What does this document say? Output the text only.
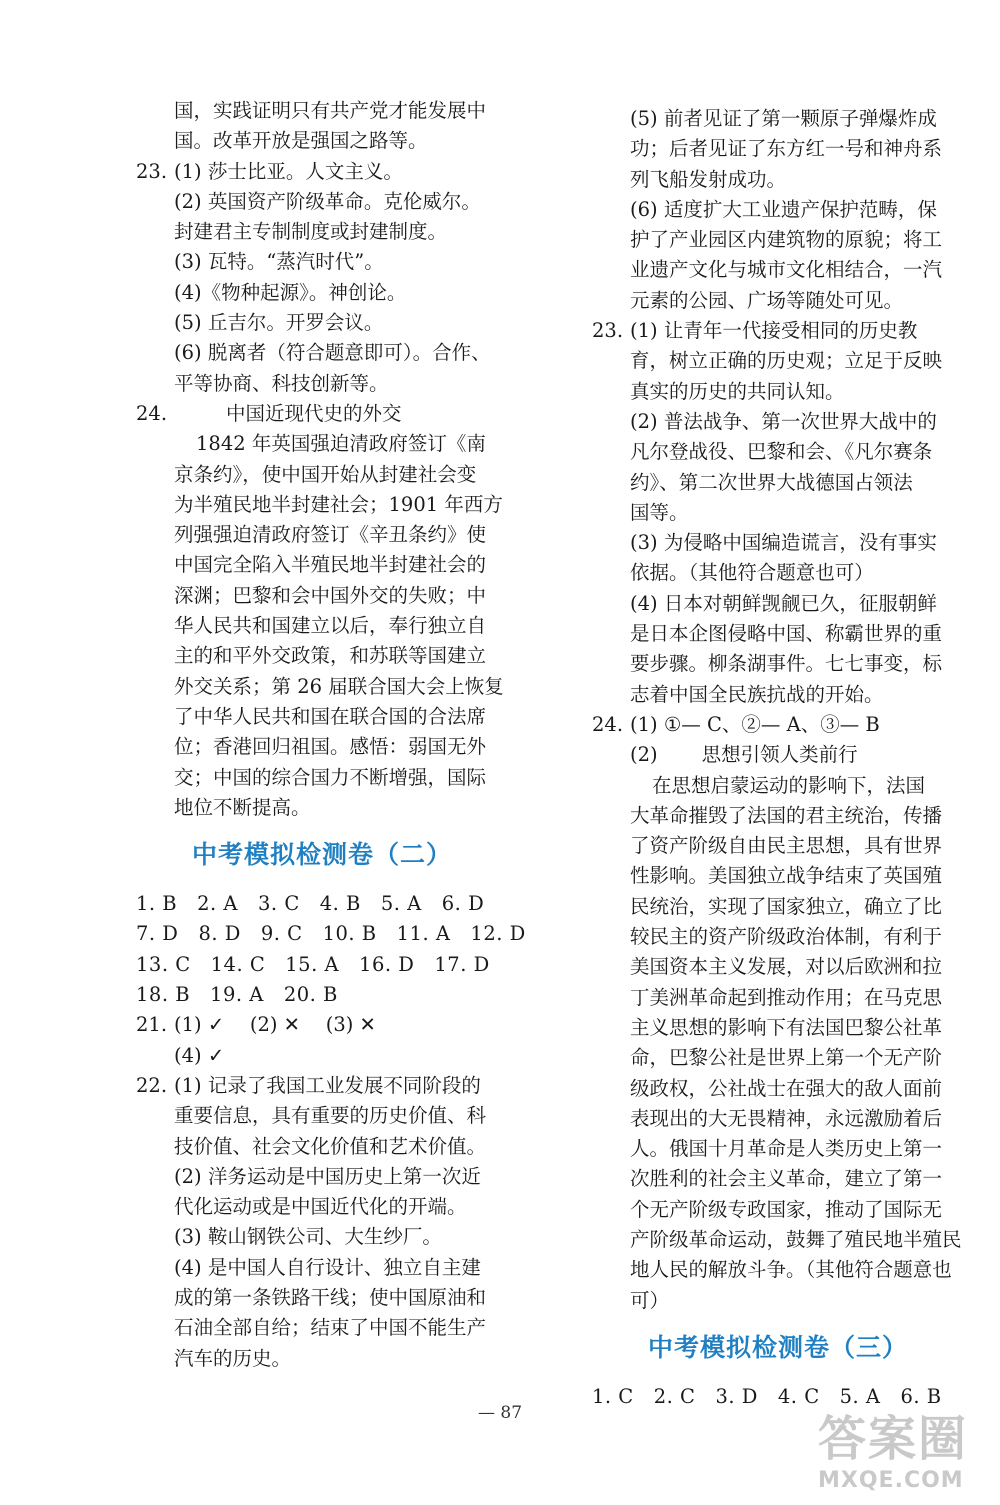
国，实践证明只有共产党才能发展中
国。改革开放是强国之路等。
23. (1) 莎士比亚。人文主义。
(2) 英国资产阶级革命。克伦威尔。
封建君主专制制度或封建制度。
(3) 瓦特。“蒸汽时代”。
(4)《物种起源》。神创论。
(5) 丘吉尔。开罗会议。
(6) 脱离者（符合题意即可）。合作、
平等协商、科技创新等。
24.	中国近现代史的外交
1842 年英国强迫清政府签订《南
京条约》，使中国开始从封建社会变
为半殖民地半封建社会；1901 年西方
列强强迫清政府签订《辛丑条约》使
中国完全陷入半殖民地半封建社会的
深渊；巴黎和会中国外交的失败；中
华人民共和国建立以后，奉行独立自
主的和平外交政策，和苏联等国建立
外交关系；第 26 届联合国大会上恢复
了中华人民共和国在联合国的合法席
位；香港回归祖国。感悟：弱国无外
交；中国的综合国力不断增强，国际
地位不断提高。
中考模拟检测卷（二）
1. B　2. A　3. C　4. B　5. A　6. D
7. D　8. D　9. C　10. B　11. A　12. D
13. C　14. C　15. A　16. D　17. D
18. B　19. A　20. B
21. (1) ✓　 (2) ✕　 (3) ✕
(4) ✓
22. (1) 记录了我国工业发展不同阶段的
重要信息，具有重要的历史价值、科
技价值、社会文化价值和艺术价值。
(2) 洋务运动是中国历史上第一次近
代化运动或是中国近代化的开端。
(3) 鞍山钢铁公司、大生纱厂。
(4) 是中国人自行设计、独立自主建
成的第一条铁路干线；使中国原油和
石油全部自给；结束了中国不能生产
汽车的历史。
(5) 前者见证了第一颗原子弹爆炸成
功；后者见证了东方红一号和神舟系
列飞船发射成功。
(6) 适度扩大工业遗产保护范畴，保
护了产业园区内建筑物的原貌；将工
业遗产文化与城市文化相结合，一汽
元素的公园、广场等随处可见。
23. (1) 让青年一代接受相同的历史教
育，树立正确的历史观；立足于反映
真实的历史的共同认知。
(2) 普法战争、第一次世界大战中的
凡尔登战役、巴黎和会、《凡尔赛条
约》、第二次世界大战德国占领法
国等。
(3) 为侵略中国编造谎言，没有事实
依据。（其他符合题意也可）
(4) 日本对朝鲜觊觎已久，征服朝鲜
是日本企图侵略中国、称霸世界的重
要步骤。柳条湖事件。七七事变，标
志着中国全民族抗战的开始。
24. (1) ①— C、②— A、③— B
(2) 思想引领人类前行
在思想启蒙运动的影响下，法国
大革命摧毁了法国的君主统治，传播
了资产阶级自由民主思想，具有世界
性影响。美国独立战争结束了英国殖
民统治，实现了国家独立，确立了比
较民主的资产阶级政治体制，有利于
美国资本主义发展，对以后欧洲和拉
丁美洲革命起到推动作用；在马克思
主义思想的影响下有法国巴黎公社革
命，巴黎公社是世界上第一个无产阶
级政权，公社战士在强大的敌人面前
表现出的大无畏精神，永远激励着后
人。俄国十月革命是人类历史上第一
次胜利的社会主义革命，建立了第一
个无产阶级专政国家，推动了国际无
产阶级革命运动，鼓舞了殖民地半殖民
地人民的解放斗争。（其他符合题意也
可）
中考模拟检测卷（三）
1. C　2. C　3. D　4. C　5. A　6. B
— 87	答案圈
MXQE.COM
